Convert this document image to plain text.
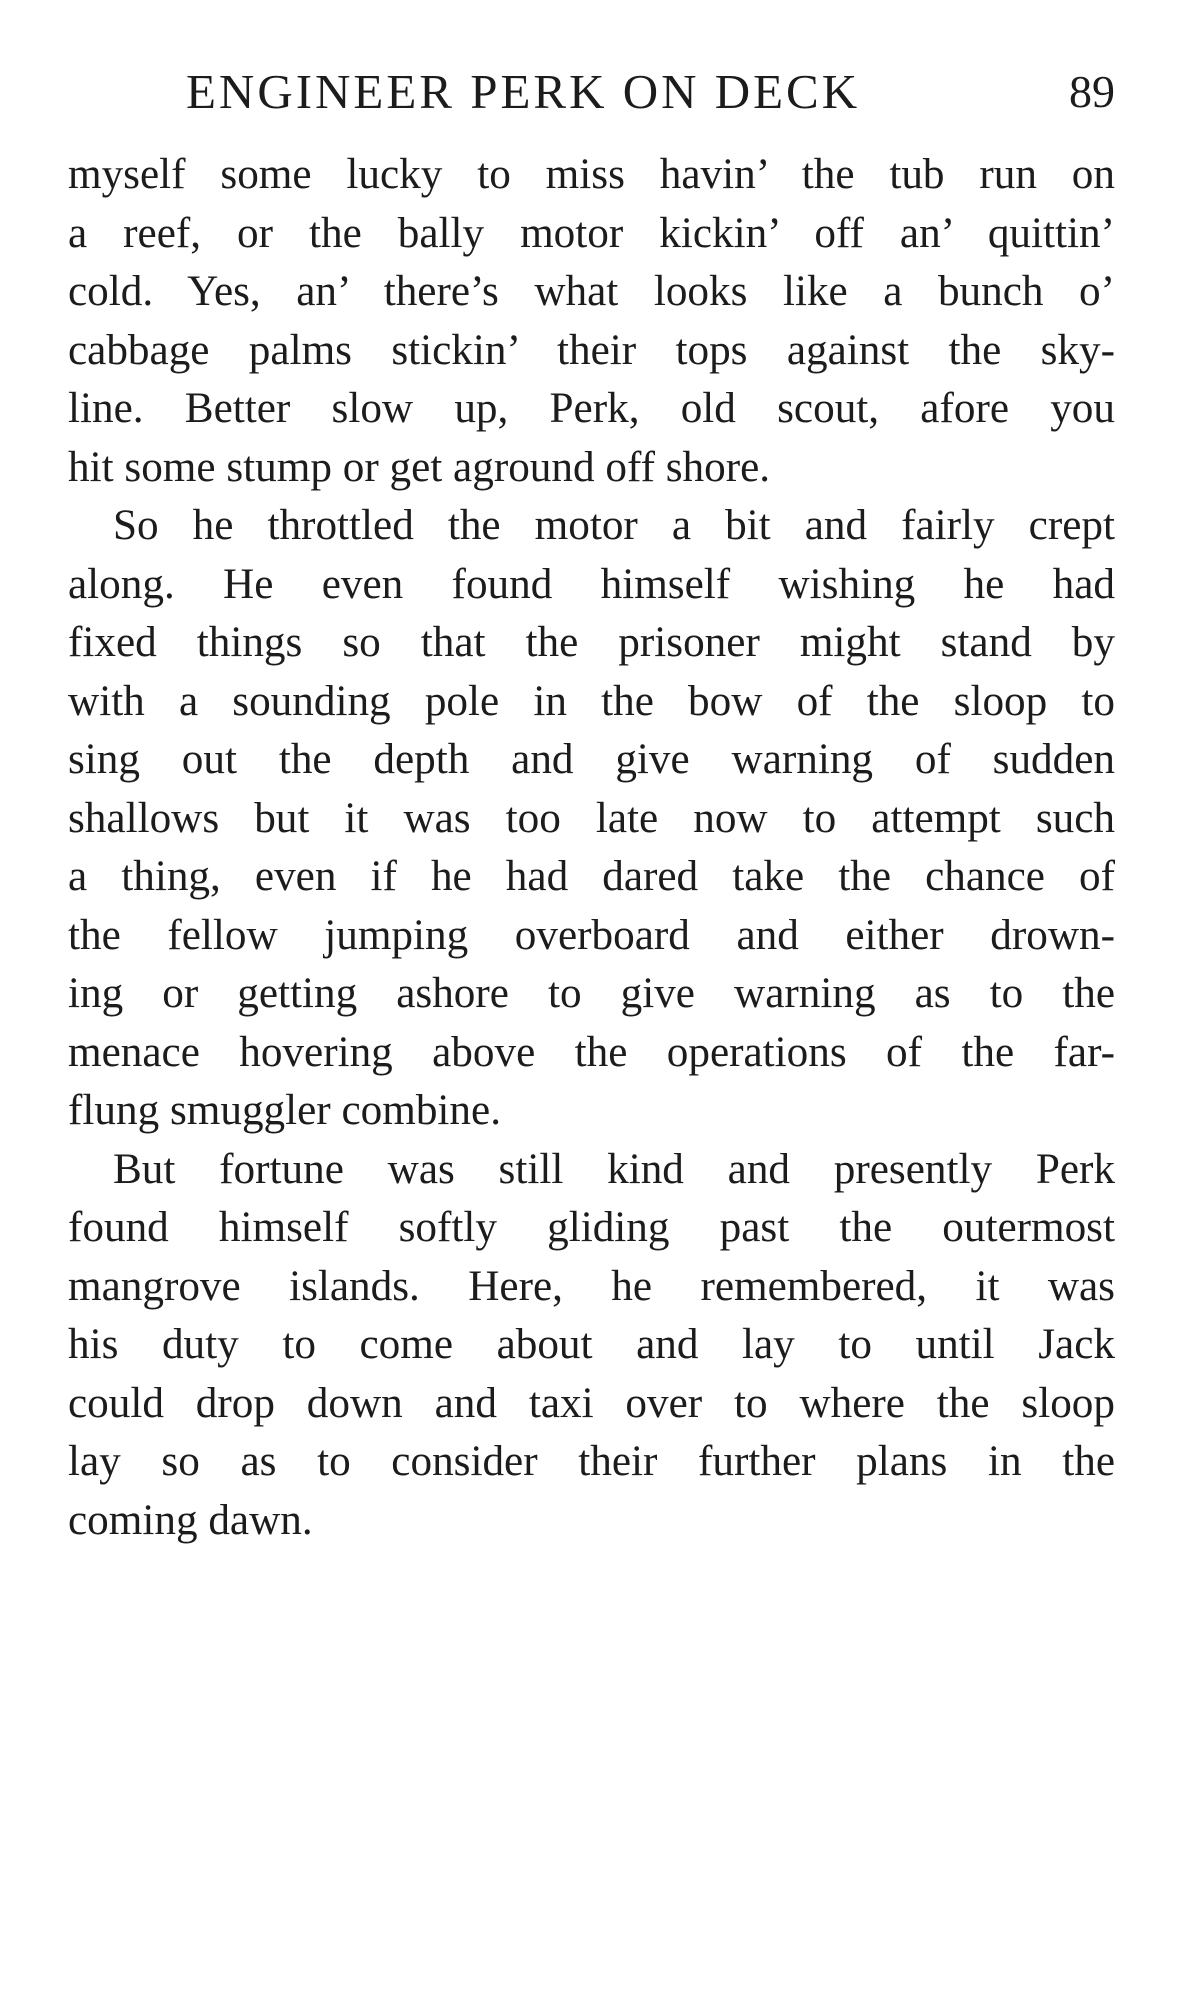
ENGINEER PERK ON DECK	89
myself some lucky to miss havin’ the tub run on
a reef, or the bally motor kickin’ off an’ quittin’
cold. Yes, an’ there’s what looks like a bunch o’
cabbage palms stickin’ their tops against the sky-
line. Better slow up, Perk, old scout, afore you
hit some stump or get aground off shore.
So he throttled the motor a bit and fairly crept
along. He even found himself wishing he had
fixed things so that the prisoner might stand by
with a sounding pole in the bow of the sloop to
sing out the depth and give warning of sudden
shallows but it was too late now to attempt such
a thing, even if he had dared take the chance of
the fellow jumping overboard and either drown-
ing or getting ashore to give warning as to the
menace hovering above the operations of the far-
flung smuggler combine.
But fortune was still kind and presently Perk
found himself softly gliding past the outermost
mangrove islands. Here, he remembered, it was
his duty to come about and lay to until Jack
could drop down and taxi over to where the sloop
lay so as to consider their further plans in the
coming dawn.
